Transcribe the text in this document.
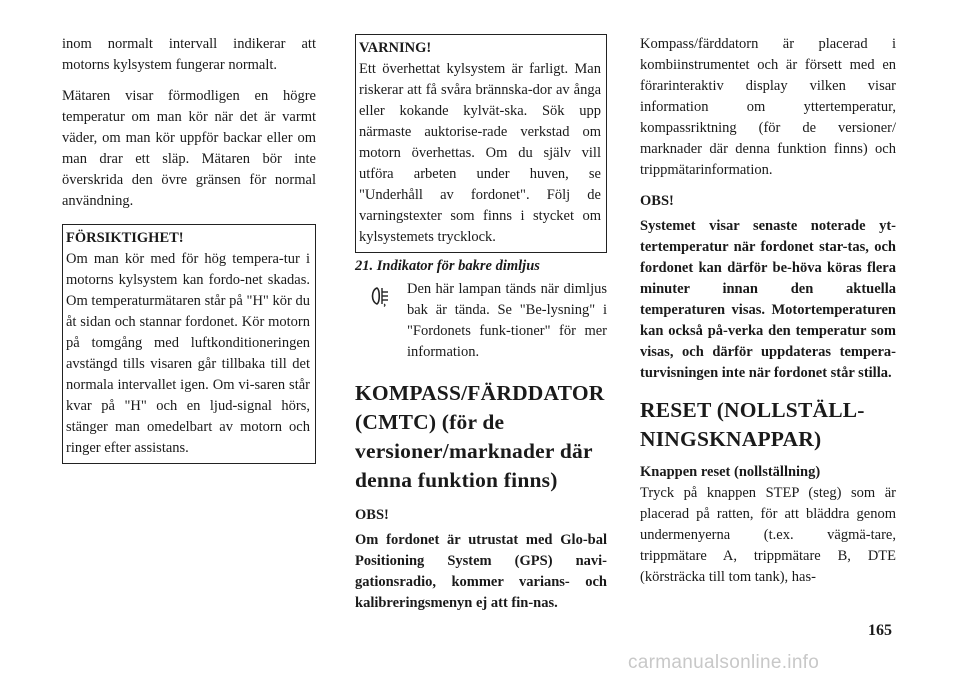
inom normalt intervall indikerar att motorns kylsystem fungerar normalt.

Mätaren visar förmodligen en högre temperatur om man kör när det är varmt väder, om man kör uppför backar eller om man drar ett släp. Mätaren bör inte överskrida den övre gränsen för normal användning.

FÖRSIKTIGHET!

Om man kör med för hög tempera-tur i motorns kylsystem kan fordo-net skadas. Om temperaturmätaren står på "H" kör du åt sidan och stannar fordonet. Kör motorn på tomgång med luftkonditioneringen avstängd tills visaren går tillbaka till det normala intervallet igen. Om vi-saren står kvar på "H" och en ljud-signal hörs, stänger man omedelbart av motorn och ringer efter assistans.

VARNING!

Ett överhettat kylsystem är farligt. Man riskerar att få svåra brännska-dor av ånga eller kokande kylvät-ska. Sök upp närmaste auktorise-rade verkstad om motorn överhettas. Om du själv vill utföra arbeten under huven, se "Underhåll av fordonet". Följ de varningstexter som finns i stycket om kylsystemets trycklock.

21. Indikator för bakre dimljus

Den här lampan tänds när dimljus bak är tända. Se "Be-lysning" i "Fordonets funk-tioner" för mer information.

KOMPASS/FÄRDDATOR (CMTC) (för de versioner/marknader där denna funktion finns)
OBS!

Om fordonet är utrustat med Glo-bal Positioning System (GPS) navi-gationsradio, kommer varians- och kalibreringsmenyn ej att fin-nas.

Kompass/färddatorn är placerad i kombiinstrumentet och är försett med en förarinteraktiv display vilken visar information om yttertemperatur, kompassriktning (för de versioner/ marknader där denna funktion finns) och trippmätarinformation.

OBS!

Systemet visar senaste noterade yt-tertemperatur när fordonet star-tas, och fordonet kan därför be-höva köras flera minuter innan den aktuella temperaturen visas. Motortemperaturen kan också på-verka den temperatur som visas, och därför uppdateras tempera-turvisningen inte när fordonet står stilla.

RESET (NOLLSTÄLL-NINGSKNAPPAR)
Knappen reset (nollställning)

Tryck på knappen STEP (steg) som är placerad på ratten, för att bläddra genom undermenyerna (t.ex. vägmä-tare, trippmätare A, trippmätare B, DTE (körsträcka till tom tank), has-

165
carmanualsonline.info
